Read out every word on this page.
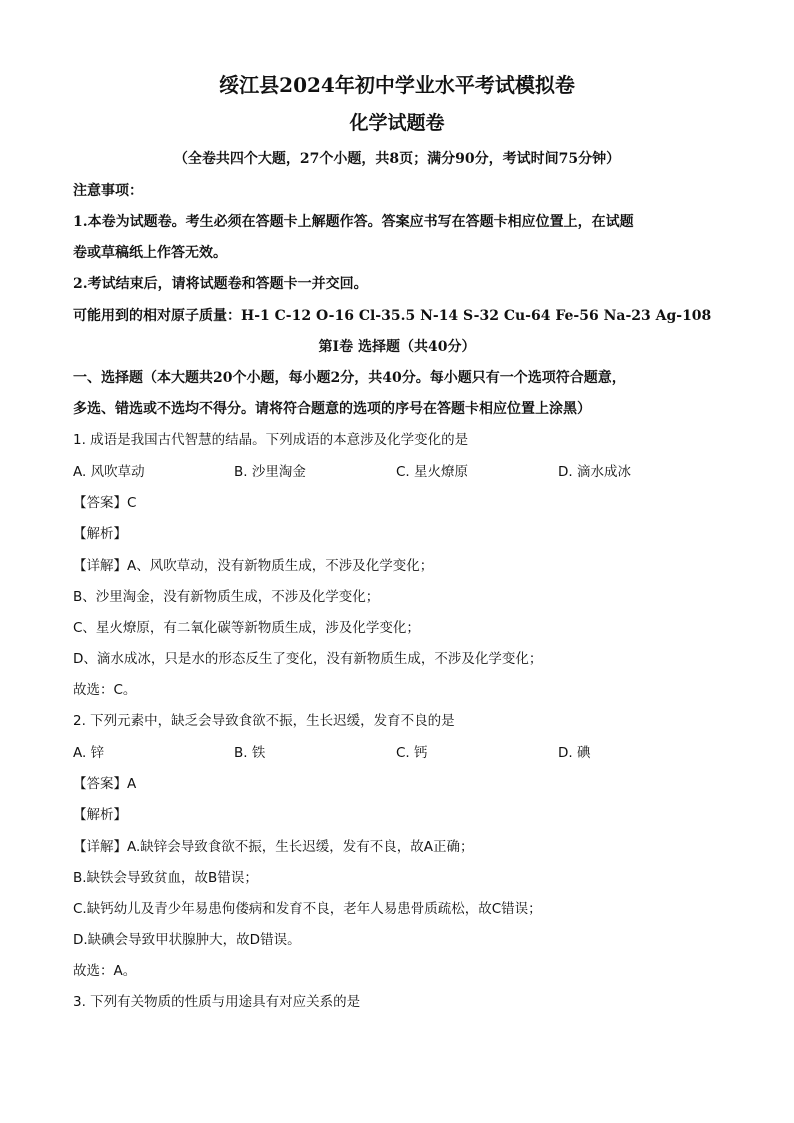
绥江县2024年初中学业水平考试模拟卷
化学试题卷
（全卷共四个大题，27个小题，共8页；满分90分，考试时间75分钟）
注意事项：
1.本卷为试题卷。考生必须在答题卡上解题作答。答案应书写在答题卡相应位置上，在试题
卷或草稿纸上作答无效。
2.考试结束后，请将试题卷和答题卡一并交回。
可能用到的相对原子质量：H-1 C-12 O-16 Cl-35.5 N-14 S-32 Cu-64 Fe-56 Na-23 Ag-108
第Ⅰ卷 选择题（共40分）
一、选择题（本大题共20个小题，每小题2分，共40分。每小题只有一个选项符合题意，
多选、错选或不选均不得分。请将符合题意的选项的序号在答题卡相应位置上涂黑）
1. 成语是我国古代智慧的结晶。下列成语的本意涉及化学变化的是
A. 风吹草动	B. 沙里淘金	C. 星火燎原	D. 滴水成冰
【答案】C
【解析】
【详解】A、风吹草动，没有新物质生成，不涉及化学变化；
B、沙里淘金，没有新物质生成，不涉及化学变化；
C、星火燎原，有二氧化碳等新物质生成，涉及化学变化；
D、滴水成冰，只是水的形态反生了变化，没有新物质生成，不涉及化学变化；
故选：C。
2. 下列元素中，缺乏会导致食欲不振，生长迟缓，发育不良的是
A. 锌	B. 铁	C. 钙	D. 碘
【答案】A
【解析】
【详解】A.缺锌会导致食欲不振，生长迟缓，发有不良，故A正确；
B.缺铁会导致贫血，故B错误；
C.缺钙幼儿及青少年易患佝偻病和发育不良，老年人易患骨质疏松，故C错误；
D.缺碘会导致甲状腺肿大，故D错误。
故选：A。
3. 下列有关物质的性质与用途具有对应关系的是
